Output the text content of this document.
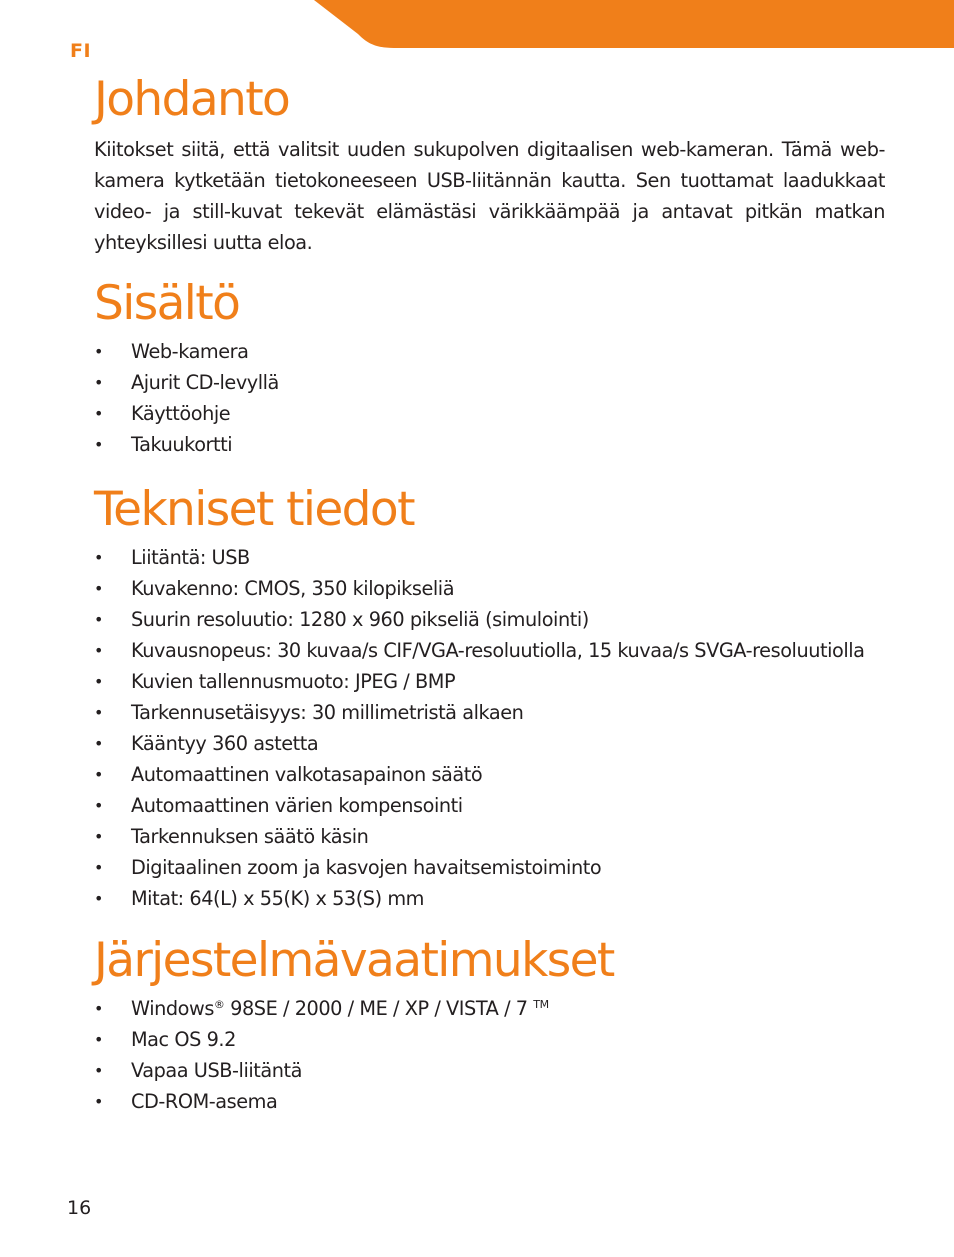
FI
Johdanto

Kiitokset siitä, että valitsit uuden sukupolven digitaalisen web-kameran. Tämä web-kamera kytketään tietokoneeseen USB-liitännän kautta. Sen tuottamat laadukkaat video- ja still-kuvat tekevät elämästäsi värikkäämpää ja antavat pitkän matkan yhteyksillesi uutta eloa.

Sisältö
• Web-kamera
• Ajurit CD-levyllä
• Käyttöohje
• Takuukortti
Tekniset tiedot
• Liitäntä: USB
• Kuvakenno: CMOS, 350 kilopikseliä
• Suurin resoluutio: 1280 x 960 pikseliä (simulointi)
• Kuvausnopeus: 30 kuvaa/s CIF/VGA-resoluutiolla, 15 kuvaa/s SVGA-resoluutiolla
• Kuvien tallennusmuoto: JPEG / BMP
• Tarkennusetäisyys: 30 millimetristä alkaen
• Kääntyy 360 astetta
• Automaattinen valkotasapainon säätö
• Automaattinen värien kompensointi
• Tarkennuksen säätö käsin
• Digitaalinen zoom ja kasvojen havaitsemistoiminto
• Mitat: 64(L) x 55(K) x 53(S) mm
Järjestelmävaatimukset
• Windows® 98SE / 2000 / ME / XP / VISTA / 7 ™
• Mac OS 9.2
• Vapaa USB-liitäntä
• CD-ROM-asema
16
